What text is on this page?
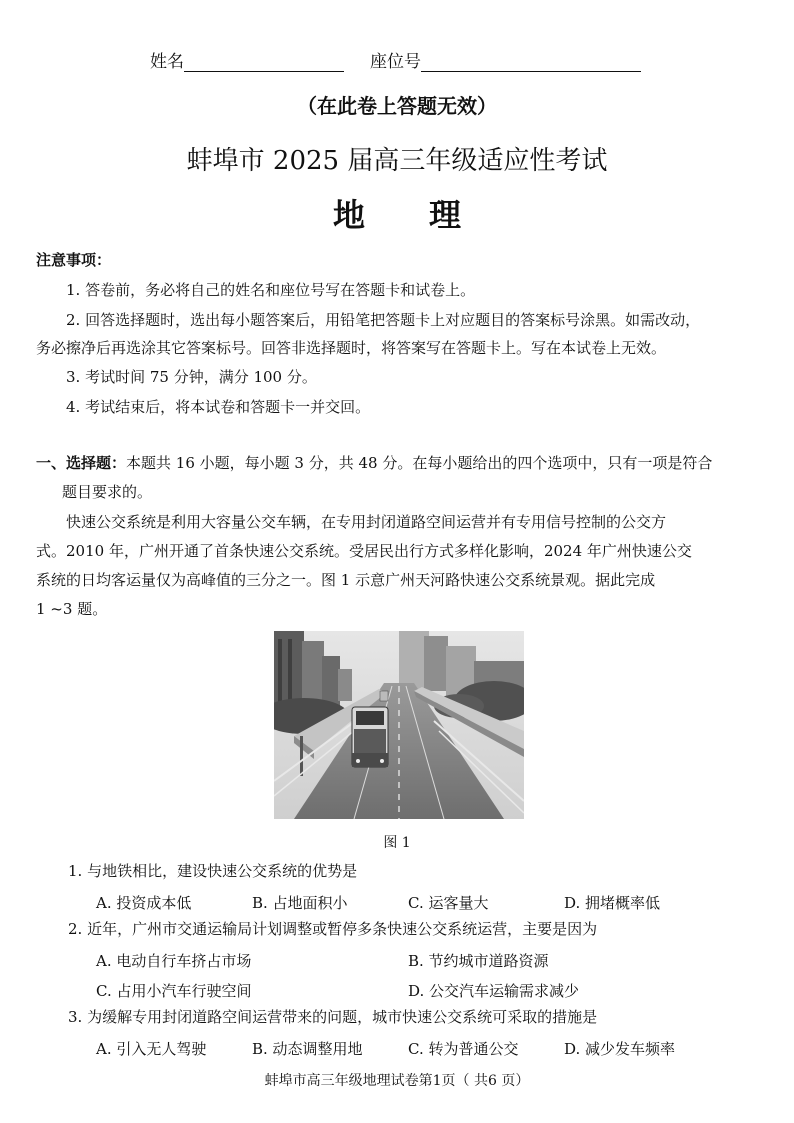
姓名	座位号
（在此卷上答题无效）
蚌埠市 2025 届高三年级适应性考试
地　　理
注意事项：
1. 答卷前，务必将自己的姓名和座位号写在答题卡和试卷上。
2. 回答选择题时，选出每小题答案后，用铅笔把答题卡上对应题目的答案标号涂黑。如需改动，
务必擦净后再选涂其它答案标号。回答非选择题时，将答案写在答题卡上。写在本试卷上无效。
3. 考试时间 75 分钟，满分 100 分。
4. 考试结束后，将本试卷和答题卡一并交回。
一、选择题：本题共 16 小题，每小题 3 分，共 48 分。在每小题给出的四个选项中，只有一项是符合
题目要求的。
快速公交系统是利用大容量公交车辆，在专用封闭道路空间运营并有专用信号控制的公交方
式。2010 年，广州开通了首条快速公交系统。受居民出行方式多样化影响，2024 年广州快速公交
系统的日均客运量仅为高峰值的三分之一。图 1 示意广州天河路快速公交系统景观。据此完成
1 ~3 题。
图 1
1. 与地铁相比，建设快速公交系统的优势是
A. 投资成本低	B. 占地面积小	C. 运客量大	D. 拥堵概率低
2. 近年，广州市交通运输局计划调整或暂停多条快速公交系统运营，主要是因为
A. 电动自行车挤占市场	B. 节约城市道路资源
C. 占用小汽车行驶空间	D. 公交汽车运输需求减少
3. 为缓解专用封闭道路空间运营带来的问题，城市快速公交系统可采取的措施是
A. 引入无人驾驶	B. 动态调整用地	C. 转为普通公交	D. 减少发车频率
蚌埠市高三年级地理试卷第1页（ 共6 页）
